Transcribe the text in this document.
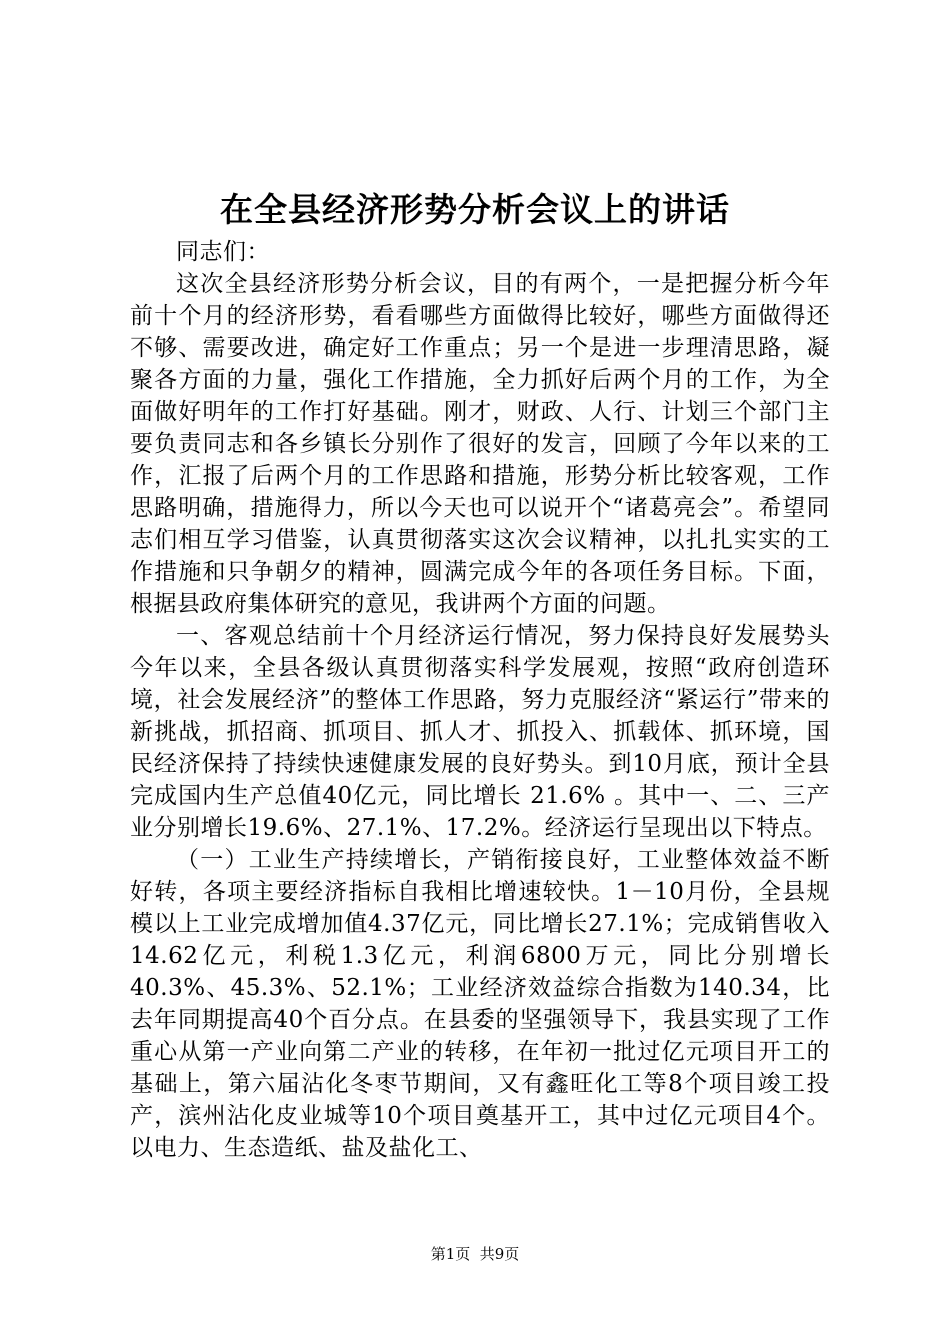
在全县经济形势分析会议上的讲话

同志们：

这次全县经济形势分析会议，目的有两个，一是把握分析今年前十个月的经济形势，看看哪些方面做得比较好，哪些方面做得还不够、需要改进，确定好工作重点；另一个是进一步理清思路，凝聚各方面的力量，强化工作措施，全力抓好后两个月的工作，为全面做好明年的工作打好基础。刚才，财政、人行、计划三个部门主要负责同志和各乡镇长分别作了很好的发言，回顾了今年以来的工作，汇报了后两个月的工作思路和措施，形势分析比较客观，工作思路明确，措施得力，所以今天也可以说开个“诸葛亮会”。希望同志们相互学习借鉴，认真贯彻落实这次会议精神，以扎扎实实的工作措施和只争朝夕的精神，圆满完成今年的各项任务目标。下面，根据县政府集体研究的意见，我讲两个方面的问题。

一、客观总结前十个月经济运行情况，努力保持良好发展势头今年以来，全县各级认真贯彻落实科学发展观，按照“政府创造环境，社会发展经济”的整体工作思路，努力克服经济“紧运行”带来的新挑战，抓招商、抓项目、抓人才、抓投入、抓载体、抓环境，国民经济保持了持续快速健康发展的良好势头。到10月底，预计全县完成国内生产总值40亿元，同比增长 21.6% 。其中一、二、三产业分别增长19.6%、27.1%、17.2%。经济运行呈现出以下特点。

（一）工业生产持续增长，产销衔接良好，工业整体效益不断好转，各项主要经济指标自我相比增速较快。1－10月份，全县规模以上工业完成增加值4.37亿元，同比增长27.1%；完成销售收入14.62亿元，利税1.3亿元，利润6800万元，同比分别增长40.3%、45.3%、52.1%；工业经济效益综合指数为140.34，比去年同期提高40个百分点。在县委的坚强领导下，我县实现了工作重心从第一产业向第二产业的转移，在年初一批过亿元项目开工的基础上，第六届沾化冬枣节期间，又有鑫旺化工等8个项目竣工投产，滨州沾化皮业城等10个项目奠基开工，其中过亿元项目4个。以电力、生态造纸、盐及盐化工、

第1页  共9页
